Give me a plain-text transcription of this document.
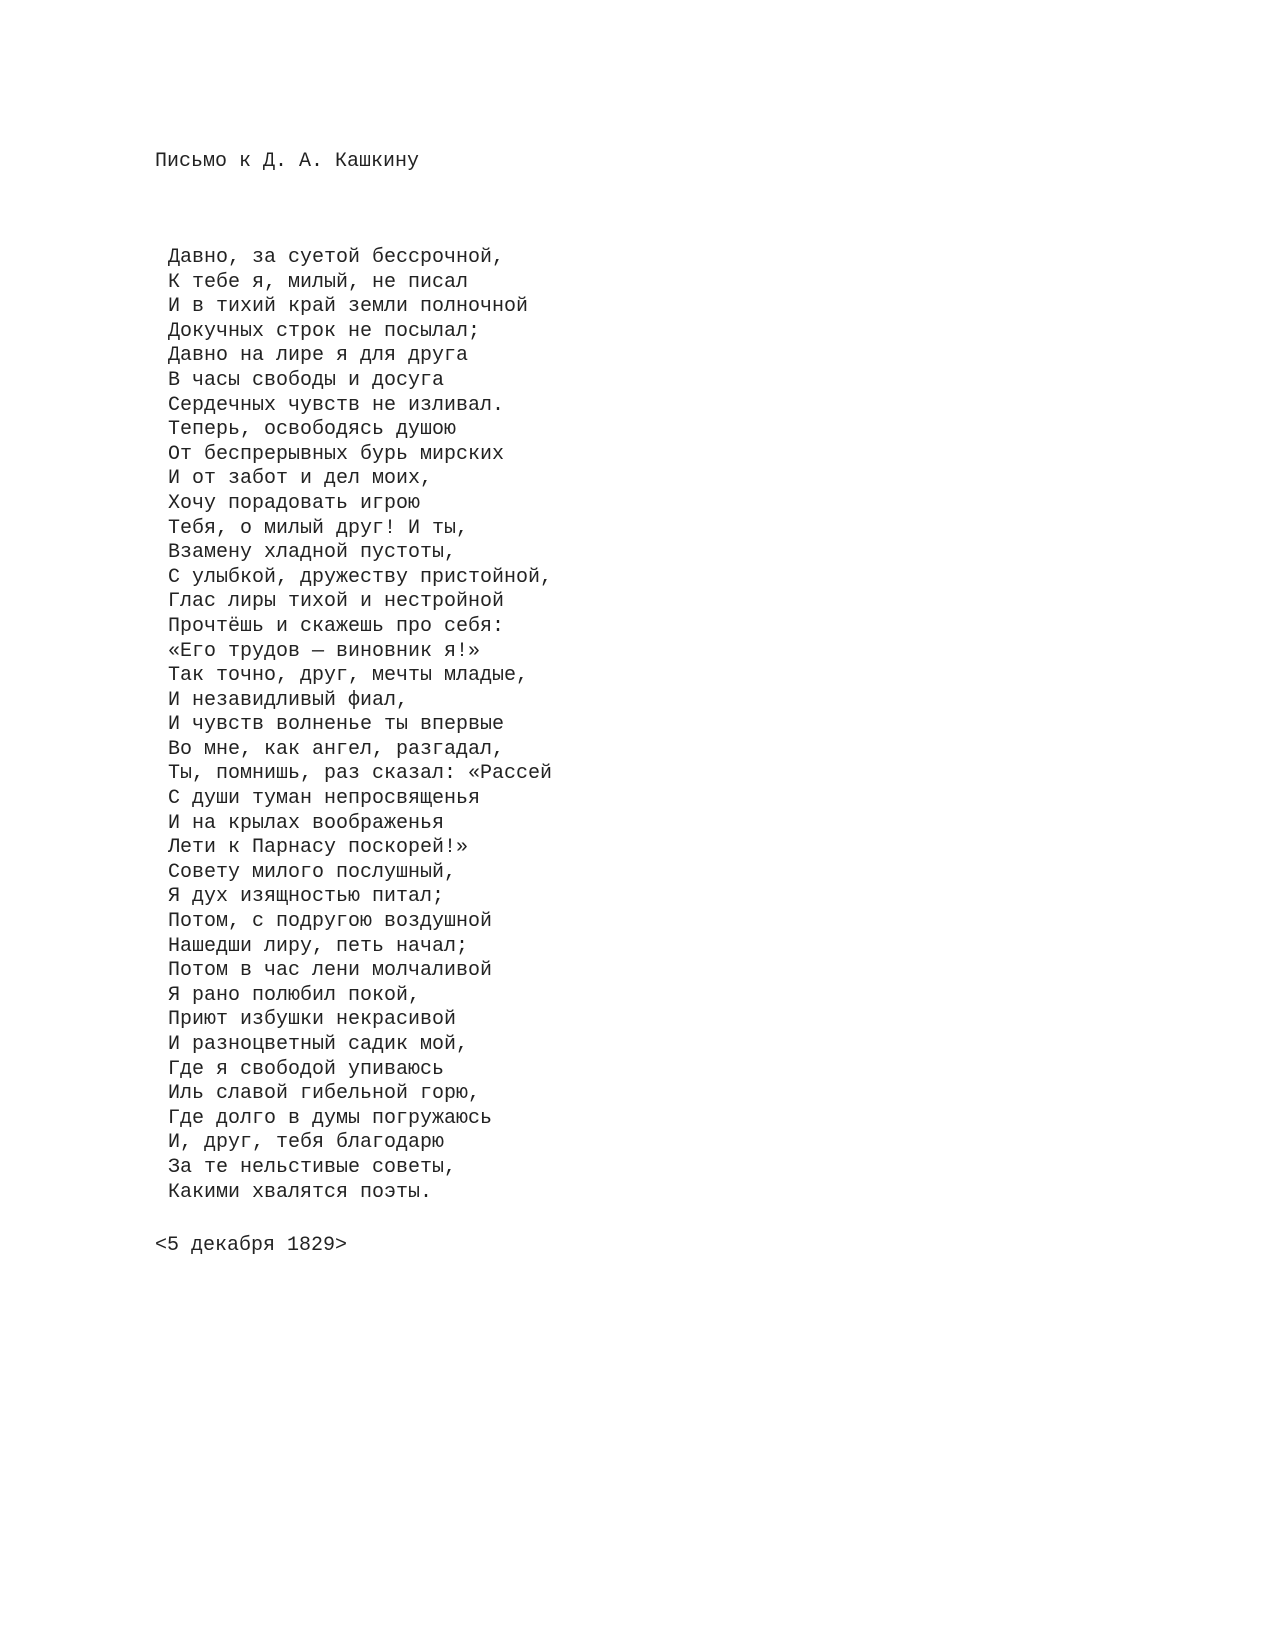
Письмо к Д. А. Кашкину
Давно, за суетой бессрочной,
К тебе я, милый, не писал
И в тихий край земли полночной
Докучных строк не посылал;
Давно на лире я для друга
В часы свободы и досуга
Сердечных чувств не изливал.
Теперь, освободясь душою
От беспрерывных бурь мирских
И от забот и дел моих,
Хочу порадовать игрою
Тебя, о милый друг! И ты,
Взамену хладной пустоты,
С улыбкой, дружеству пристойной,
Глас лиры тихой и нестройной
Прочтёшь и скажешь про себя:
«Его трудов — виновник я!»
Так точно, друг, мечты младые,
И незавидливый фиал,
И чувств волненье ты впервые
Во мне, как ангел, разгадал,
Ты, помнишь, раз сказал: «Рассей
С души туман непросвященья
И на крылах воображенья
Лети к Парнасу поскорей!»
Совету милого послушный,
Я дух изящностью питал;
Потом, с подругою воздушной
Нашедши лиру, петь начал;
Потом в час лени молчаливой
Я рано полюбил покой,
Приют избушки некрасивой
И разноцветный садик мой,
Где я свободой упиваюсь
Иль славой гибельной горю,
Где долго в думы погружаюсь
И, друг, тебя благодарю
За те нельстивые советы,
Какими хвалятся поэты.
<5 декабря 1829>
